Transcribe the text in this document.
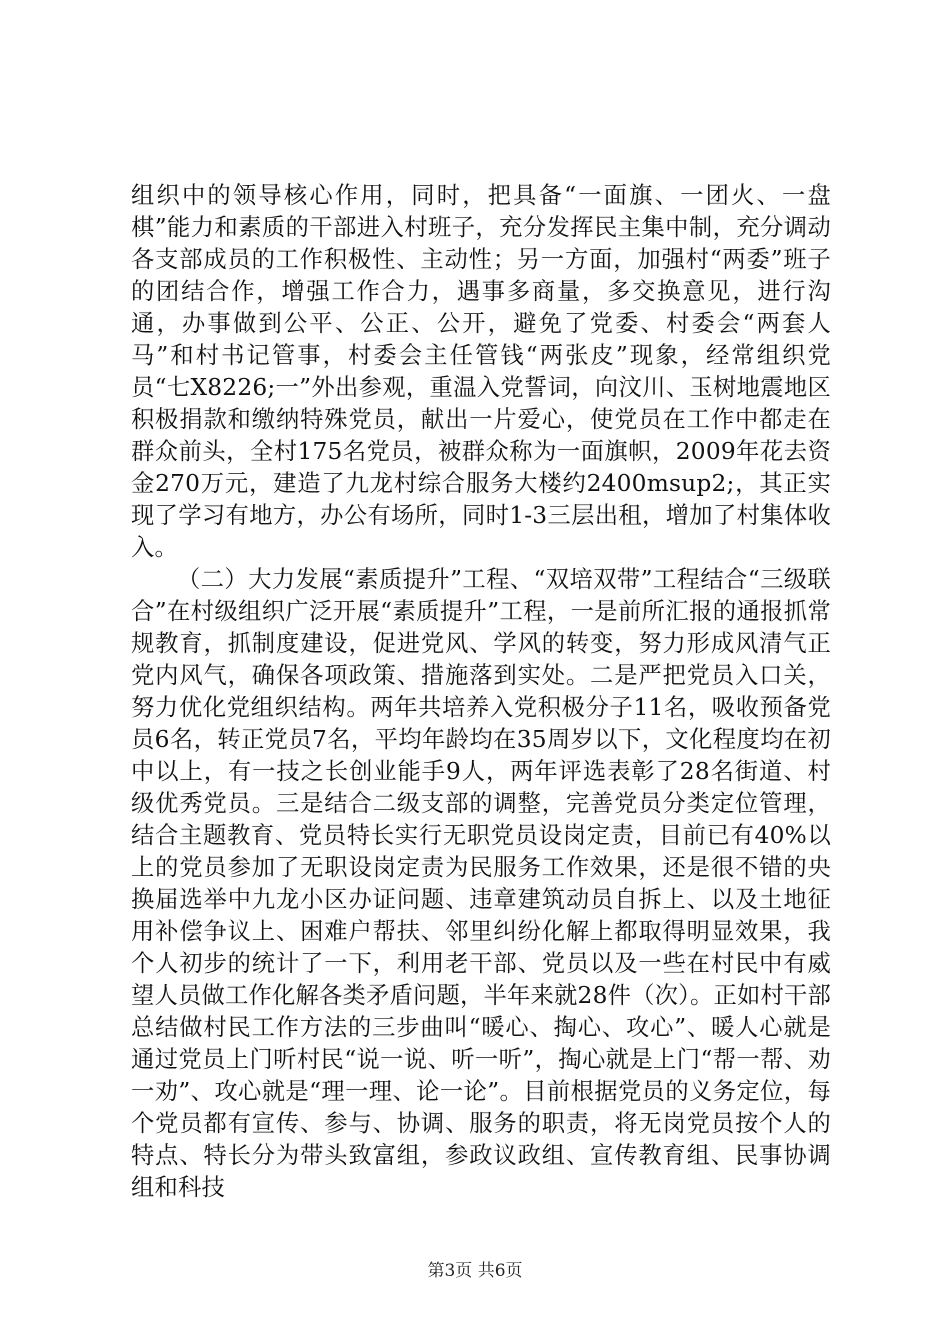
组织中的领导核心作用，同时，把具备“一面旗、一团火、一盘棋”能力和素质的干部进入村班子，充分发挥民主集中制，充分调动各支部成员的工作积极性、主动性；另一方面，加强村“两委”班子的团结合作，增强工作合力，遇事多商量，多交换意见，进行沟通，办事做到公平、公正、公开，避免了党委、村委会“两套人马”和村书记管事，村委会主任管钱“两张皮”现象，经常组织党员“七X8226;一”外出参观，重温入党誓词，向汶川、玉树地震地区积极捐款和缴纳特殊党员，献出一片爱心，使党员在工作中都走在群众前头，全村175名党员，被群众称为一面旗帜，2009年花去资金270万元，建造了九龙村综合服务大楼约2400msup2;，其正实现了学习有地方，办公有场所，同时1-3三层出租，增加了村集体收入。

（二）大力发展“素质提升”工程、“双培双带”工程结合“三级联合”在村级组织广泛开展“素质提升”工程，一是前所汇报的通报抓常规教育，抓制度建设，促进党风、学风的转变，努力形成风清气正党内风气，确保各项政策、措施落到实处。二是严把党员入口关，努力优化党组织结构。两年共培养入党积极分子11名，吸收预备党员6名，转正党员7名，平均年龄均在35周岁以下，文化程度均在初中以上，有一技之长创业能手9人，两年评选表彰了28名街道、村级优秀党员。三是结合二级支部的调整，完善党员分类定位管理，结合主题教育、党员特长实行无职党员设岗定责，目前已有40%以上的党员参加了无职设岗定责为民服务工作效果，还是很不错的央换届选举中九龙小区办证问题、违章建筑动员自拆上、以及土地征用补偿争议上、困难户帮扶、邻里纠纷化解上都取得明显效果，我个人初步的统计了一下，利用老干部、党员以及一些在村民中有威望人员做工作化解各类矛盾问题，半年来就28件（次）。正如村干部总结做村民工作方法的三步曲叫“暖心、掏心、攻心”、暖人心就是通过党员上门听村民“说一说、听一听”，掏心就是上门“帮一帮、劝一劝”、攻心就是“理一理、论一论”。目前根据党员的义务定位，每个党员都有宣传、参与、协调、服务的职责，将无岗党员按个人的特点、特长分为带头致富组，参政议政组、宣传教育组、民事协调组和科技

第3页 共6页
